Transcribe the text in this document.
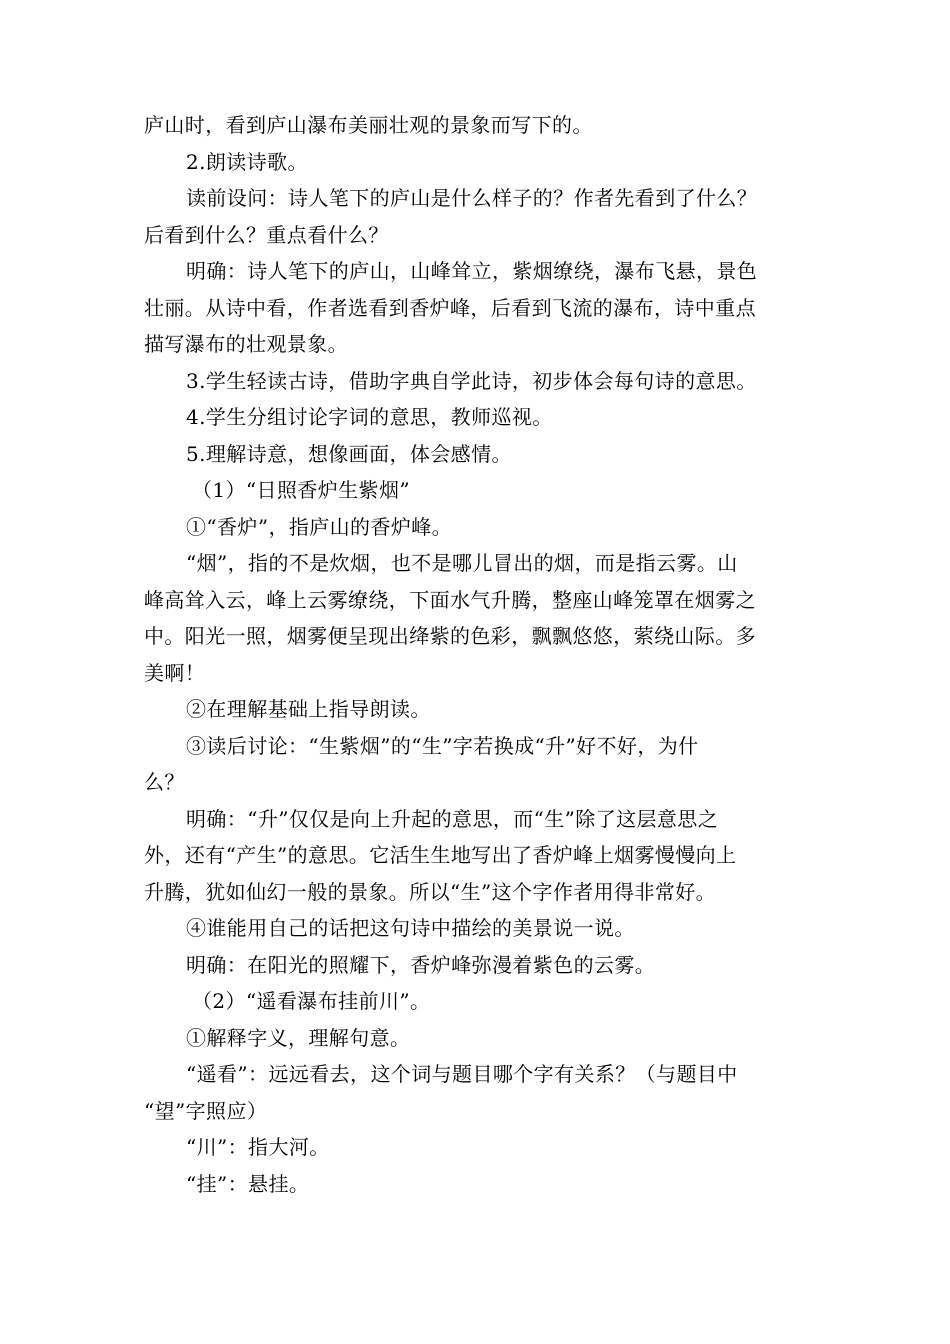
庐山时，看到庐山瀑布美丽壮观的景象而写下的。
2.朗读诗歌。
读前设问：诗人笔下的庐山是什么样子的？作者先看到了什么？
后看到什么？重点看什么？
明确：诗人笔下的庐山，山峰耸立，紫烟缭绕，瀑布飞悬，景色
壮丽。从诗中看，作者选看到香炉峰，后看到飞流的瀑布，诗中重点
描写瀑布的壮观景象。
3.学生轻读古诗，借助字典自学此诗，初步体会每句诗的意思。
4.学生分组讨论字词的意思，教师巡视。
5.理解诗意，想像画面，体会感情。
（1）“日照香炉生紫烟”
①“香炉”，指庐山的香炉峰。
“烟”，指的不是炊烟，也不是哪儿冒出的烟，而是指云雾。山
峰高耸入云，峰上云雾缭绕，下面水气升腾，整座山峰笼罩在烟雾之
中。阳光一照，烟雾便呈现出绛紫的色彩，飘飘悠悠，萦绕山际。多
美啊！
②在理解基础上指导朗读。
③读后讨论：“生紫烟”的“生”字若换成“升”好不好，为什
么？
明确：“升”仅仅是向上升起的意思，而“生”除了这层意思之
外，还有“产生”的意思。它活生生地写出了香炉峰上烟雾慢慢向上
升腾，犹如仙幻一般的景象。所以“生”这个字作者用得非常好。
④谁能用自己的话把这句诗中描绘的美景说一说。
明确：在阳光的照耀下，香炉峰弥漫着紫色的云雾。
（2）“遥看瀑布挂前川”。
①解释字义，理解句意。
“遥看”：远远看去，这个词与题目哪个字有关系？（与题目中
“望”字照应）
“川”：指大河。
“挂”：悬挂。
